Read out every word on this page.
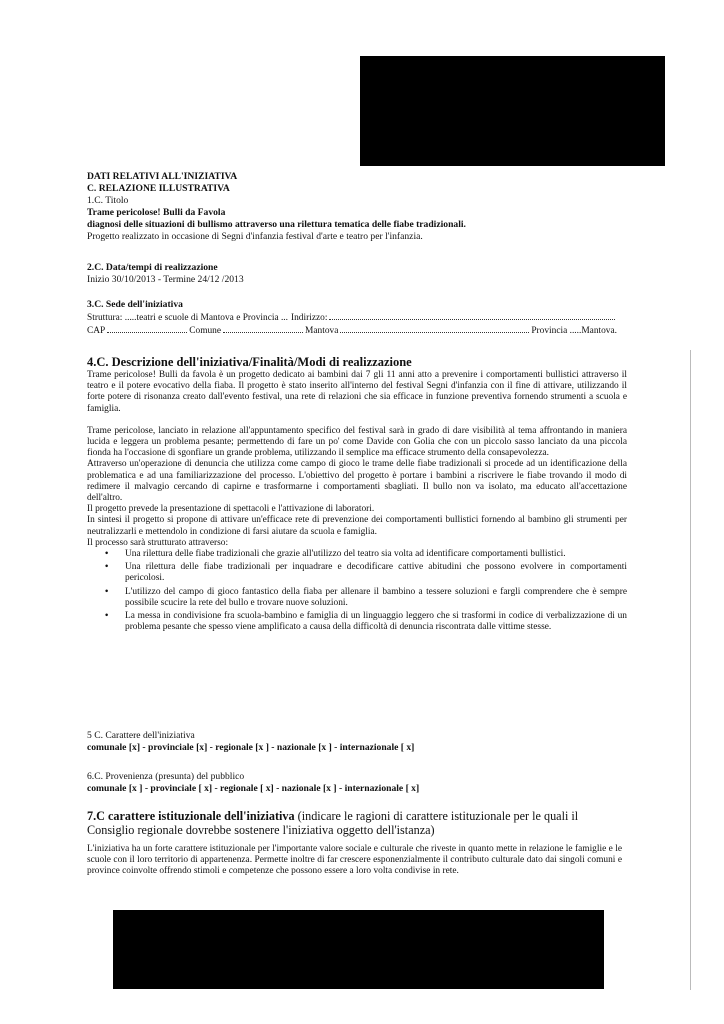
DATI RELATIVI ALL'INIZIATIVA

C. RELAZIONE ILLUSTRATIVA

1.C. Titolo

Trame pericolose! Bulli da Favola

diagnosi delle situazioni di bullismo attraverso una rilettura tematica delle fiabe tradizionali.

Progetto realizzato in occasione di Segni d'infanzia festival d'arte e teatro per l'infanzia.

2.C. Data/tempi di realizzazione

Inizio 30/10/2013 - Termine 24/12 /2013

3.C. Sede dell'iniziativa

Struttura: ..... teatri e scuole di Mantova e Provincia ... Indirizzo:
CAP	Comune	Mantova	Provincia ..... Mantova.

4.C. Descrizione dell'iniziativa/Finalità/Modi di realizzazione

Trame pericolose! Bulli da favola è un progetto dedicato ai bambini dai 7 gli 11 anni atto a prevenire i comportamenti bullistici attraverso il teatro e il potere evocativo della fiaba. Il progetto è stato inserito all'interno del festival Segni d'infanzia con il fine di attivare, utilizzando il forte potere di risonanza creato dall'evento festival, una rete di relazioni che sia efficace in funzione preventiva fornendo strumenti a scuola e famiglia.

Trame pericolose, lanciato in relazione all'appuntamento specifico del festival sarà in grado di dare visibilità al tema affrontando in maniera lucida e leggera un problema pesante; permettendo di fare un po' come Davide con Golia che con un piccolo sasso lanciato da una piccola fionda ha l'occasione di sgonfiare un grande problema, utilizzando il semplice ma efficace strumento della consapevolezza.

Attraverso un'operazione di denuncia che utilizza come campo di gioco le trame delle fiabe tradizionali si procede ad un identificazione della problematica e ad una familiarizzazione del processo. L'obiettivo del progetto è portare i bambini a riscrivere le fiabe trovando il modo di redimere il malvagio cercando di capirne e trasformarne i comportamenti sbagliati. Il bullo non va isolato, ma educato all'accettazione dell'altro.

Il progetto prevede la presentazione di spettacoli e l'attivazione di laboratori.

In sintesi il progetto si propone di attivare un'efficace rete di prevenzione dei comportamenti bullistici fornendo al bambino gli strumenti per neutralizzarli e mettendolo in condizione di farsi aiutare da scuola e famiglia.

Il processo sarà strutturato attraverso:

• Una rilettura delle fiabe tradizionali che grazie all'utilizzo del teatro sia volta ad identificare comportamenti bullistici.
• Una rilettura delle fiabe tradizionali per inquadrare e decodificare cattive abitudini che possono evolvere in comportamenti pericolosi.
• L'utilizzo del campo di gioco fantastico della fiaba per allenare il bambino a tessere soluzioni e fargli comprendere che è sempre possibile scucire la rete del bullo e trovare nuove soluzioni.
• La messa in condivisione fra scuola-bambino e famiglia di un linguaggio leggero che si trasformi in codice di verbalizzazione di un problema pesante che spesso viene amplificato a causa della difficoltà di denuncia riscontrata dalle vittime stesse.

5 C. Carattere dell'iniziativa

comunale [x] - provinciale [x] - regionale [x ] - nazionale [x ] - internazionale [ x]

6.C. Provenienza (presunta) del pubblico

comunale [x ] - provinciale [ x] - regionale [ x] - nazionale [x ] - internazionale [ x]

7.C carattere istituzionale dell'iniziativa (indicare le ragioni di carattere istituzionale per le quali il Consiglio regionale dovrebbe sostenere l'iniziativa oggetto dell'istanza)

L'iniziativa ha un forte carattere istituzionale per l'importante valore sociale e culturale che riveste in quanto mette in relazione le famiglie e le scuole con il loro territorio di appartenenza. Permette inoltre di far crescere esponenzialmente il contributo culturale dato dai singoli comuni e province coinvolte offrendo stimoli e competenze che possono essere a loro volta condivise in rete.
